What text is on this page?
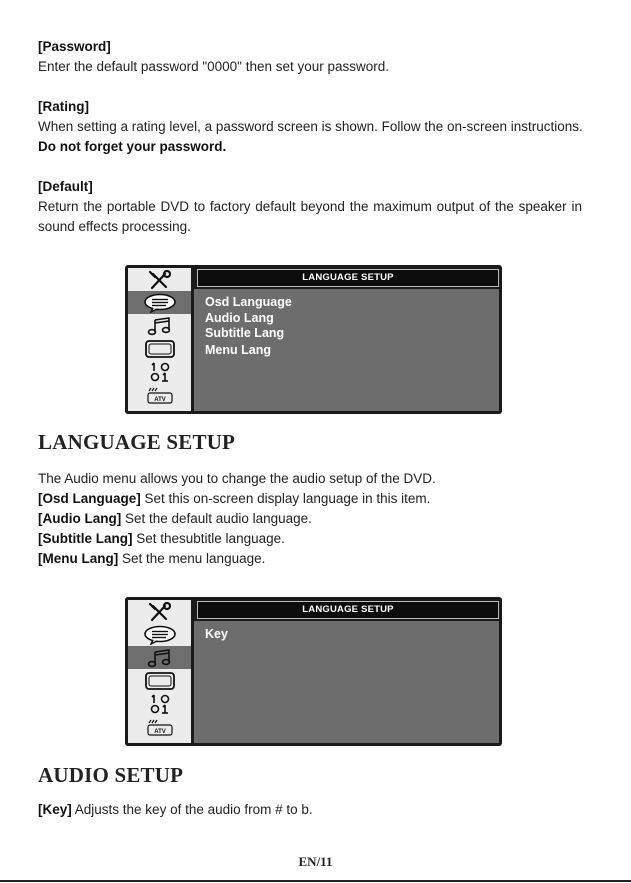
[Password]

Enter the default password "0000" then set your password.

[Rating]

When setting a rating level, a password screen is shown. Follow the on-screen instructions. Do not forget your password.

[Default]

Return the portable DVD to factory default beyond the maximum output of the speaker in sound effects processing.

ATV
LANGUAGE SETUP
Osd Language
Audio Lang
Subtitle Lang
Menu Lang
LANGUAGE SETUP

The Audio menu allows you to change the audio setup of the DVD.

[Osd Language] Set this on-screen display language in this item.

[Audio Lang] Set the default audio language.

[Subtitle Lang] Set thesubtitle language.

[Menu Lang] Set the menu language.

ATV
LANGUAGE SETUP
Key
AUDIO SETUP

[Key] Adjusts the key of the audio from # to b.

EN/11
